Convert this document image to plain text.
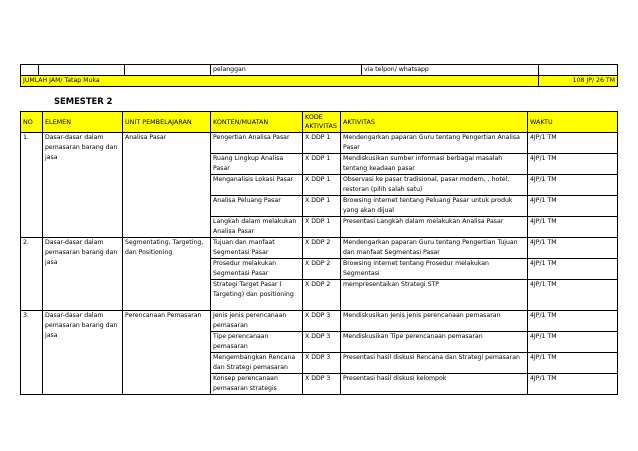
			pelanggan	via telpon/ whatsapp	
JUMLAH JAM/ Tatap Muka					108 JP/ 26 TM
SEMESTER 2
NO	ELEMEN	UNIT PEMBELAJARAN	KONTEN/MUATAN	KODE AKTIVITAS	AKTIVITAS	WAKTU
1.	Dasar-dasar dalam pemasaran barang dan jasa	Analisa Pasar	Pengertian Analisa Pasar	X DDP 1	Mendengarkan paparan Guru tentang Pengertian Analisa Pasar	4JP/1 TM
			Ruang Lingkup Analisa Pasar	X DDP 1	Mendiskusikan sumber informasi berbagai masalah tentang keadaan pasar	4JP/1 TM
			Menganalisis Lokasi Pasar	X DDP 1	Observasi ke pasar tradisional, pasar modern, , hotel, restoran (pilih salah satu)	4JP/1 TM
			Analisa Peluang Pasar	X DDP 1	Browsing internet tentang Peluang Pasar untuk produk yang akan dijual	4JP/1 TM
			Langkah dalam melakukan Analisa Pasar	X DDP 1	Presentasi Langkah dalam melakukan Analisa Pasar	4JP/1 TM
2.	Dasar-dasar dalam pemasaran barang dan jasa	Segmentating, Targeting, dan Positioning	Tujuan dan manfaat Segmentasi Pasar	X DDP 2	Mendengarkan paparan Guru tentang Pengertian Tujuan dan manfaat Segmentasi Pasar	4JP/1 TM
			Prosedur melakukan Segmentasi Pasar	X DDP 2	Browsing internet tentang Prosedur melakukan Segmentasi	4JP/1 TM
			Strategi Target Pasar ( Targeting) dan positioning	X DDP 2	mempresentaikan Strategi STP	4JP/1 TM
3.	Dasar-dasar dalam pemasaran barang dan jasa	Perencanaan Pemasaran	Jenis jenis perencanaan pemasaran	X DDP 3	Mendiskusikan Jenis jenis perencanaan pemasaran	4JP/1 TM
			Tipe perencanaan pemasaran	X DDP 3	Mendiskusikan Tipe perencanaan pemasaran	4JP/1 TM
			Mengembangkan Rencana dan Strategi pemasaran	X DDP 3	Presentasi hasil diskusi Rencana dan Strategi pemasaran	4JP/1 TM
			Konsep perencanaan pemasaran strategis	X DDP 3	Presentasi hasil diskusi kelompok	4JP/1 TM
